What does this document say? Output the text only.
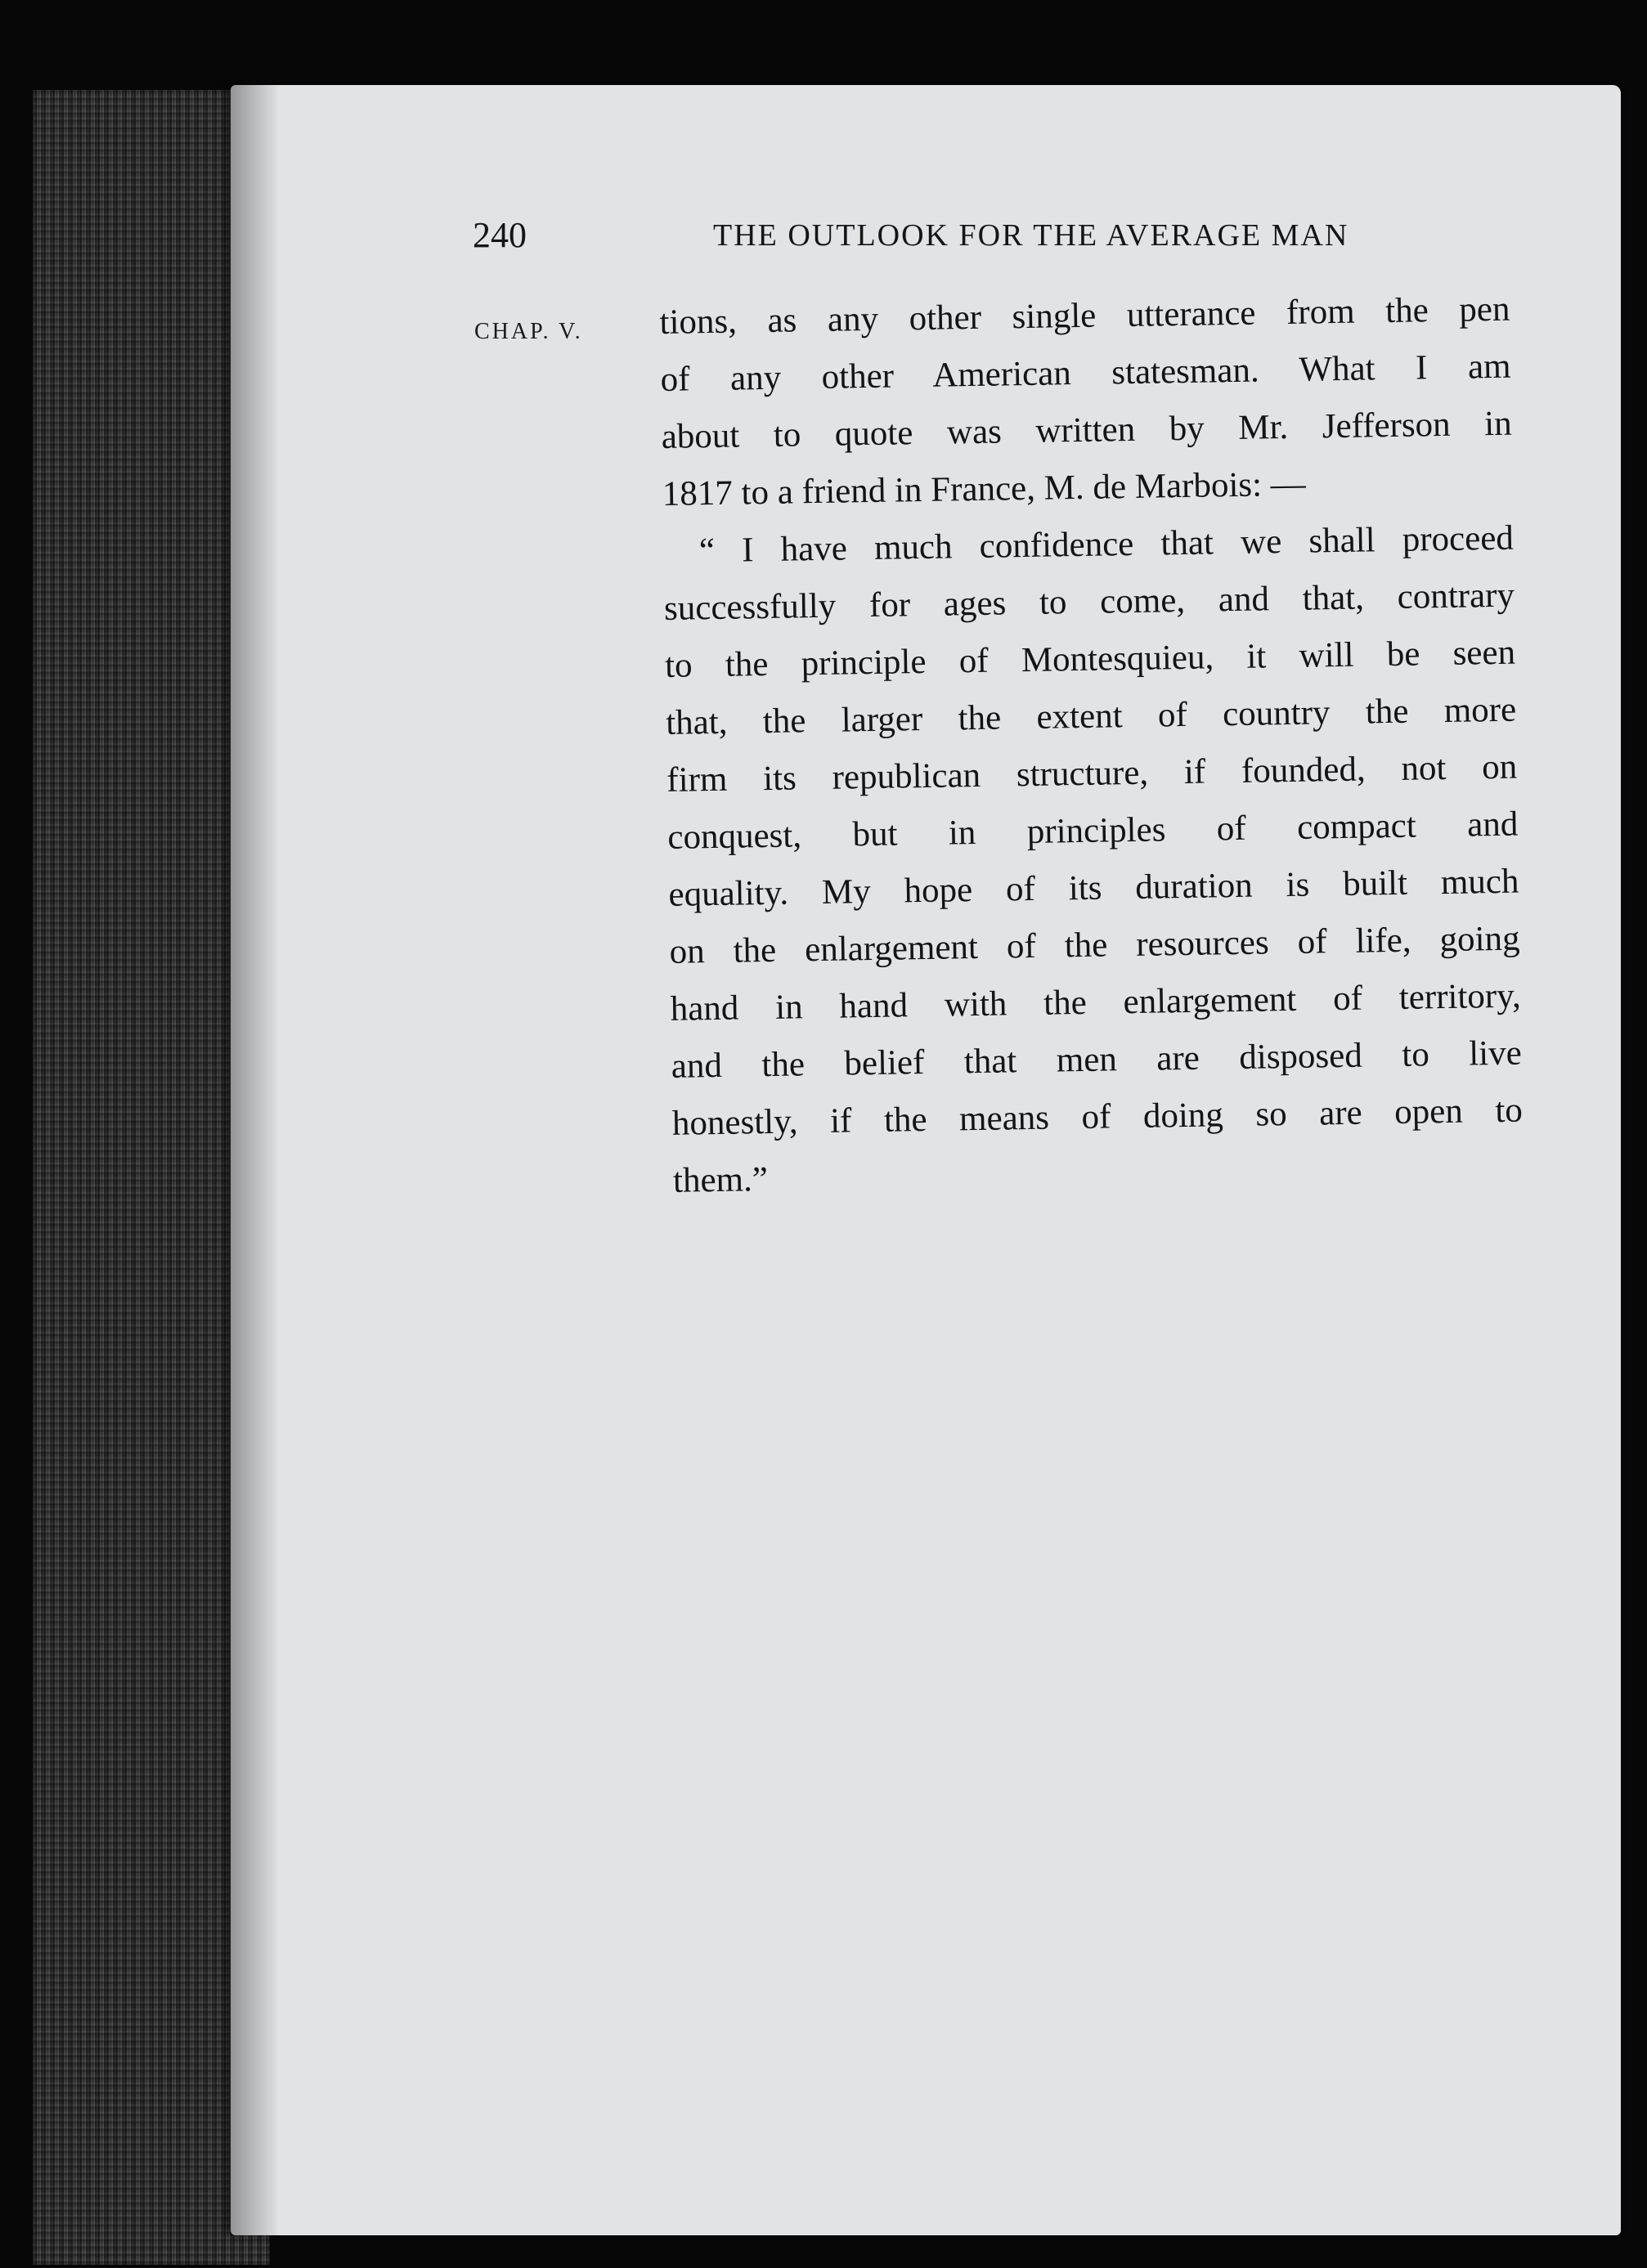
240	THE OUTLOOK FOR THE AVERAGE MAN
CHAP. V. tions, as any other single utterance from the pen
of any other American statesman. What I am
about to quote was written by Mr. Jefferson in
1817 to a friend in France, M. de Marbois: —
“ I have much confidence that we shall proceed
successfully for ages to come, and that, contrary
to the principle of Montesquieu, it will be seen
that, the larger the extent of country the more
firm its republican structure, if founded, not on
conquest, but in principles of compact and
equality. My hope of its duration is built much
on the enlargement of the resources of life, going
hand in hand with the enlargement of territory,
and the belief that men are disposed to live
honestly, if the means of doing so are open to
them.”
